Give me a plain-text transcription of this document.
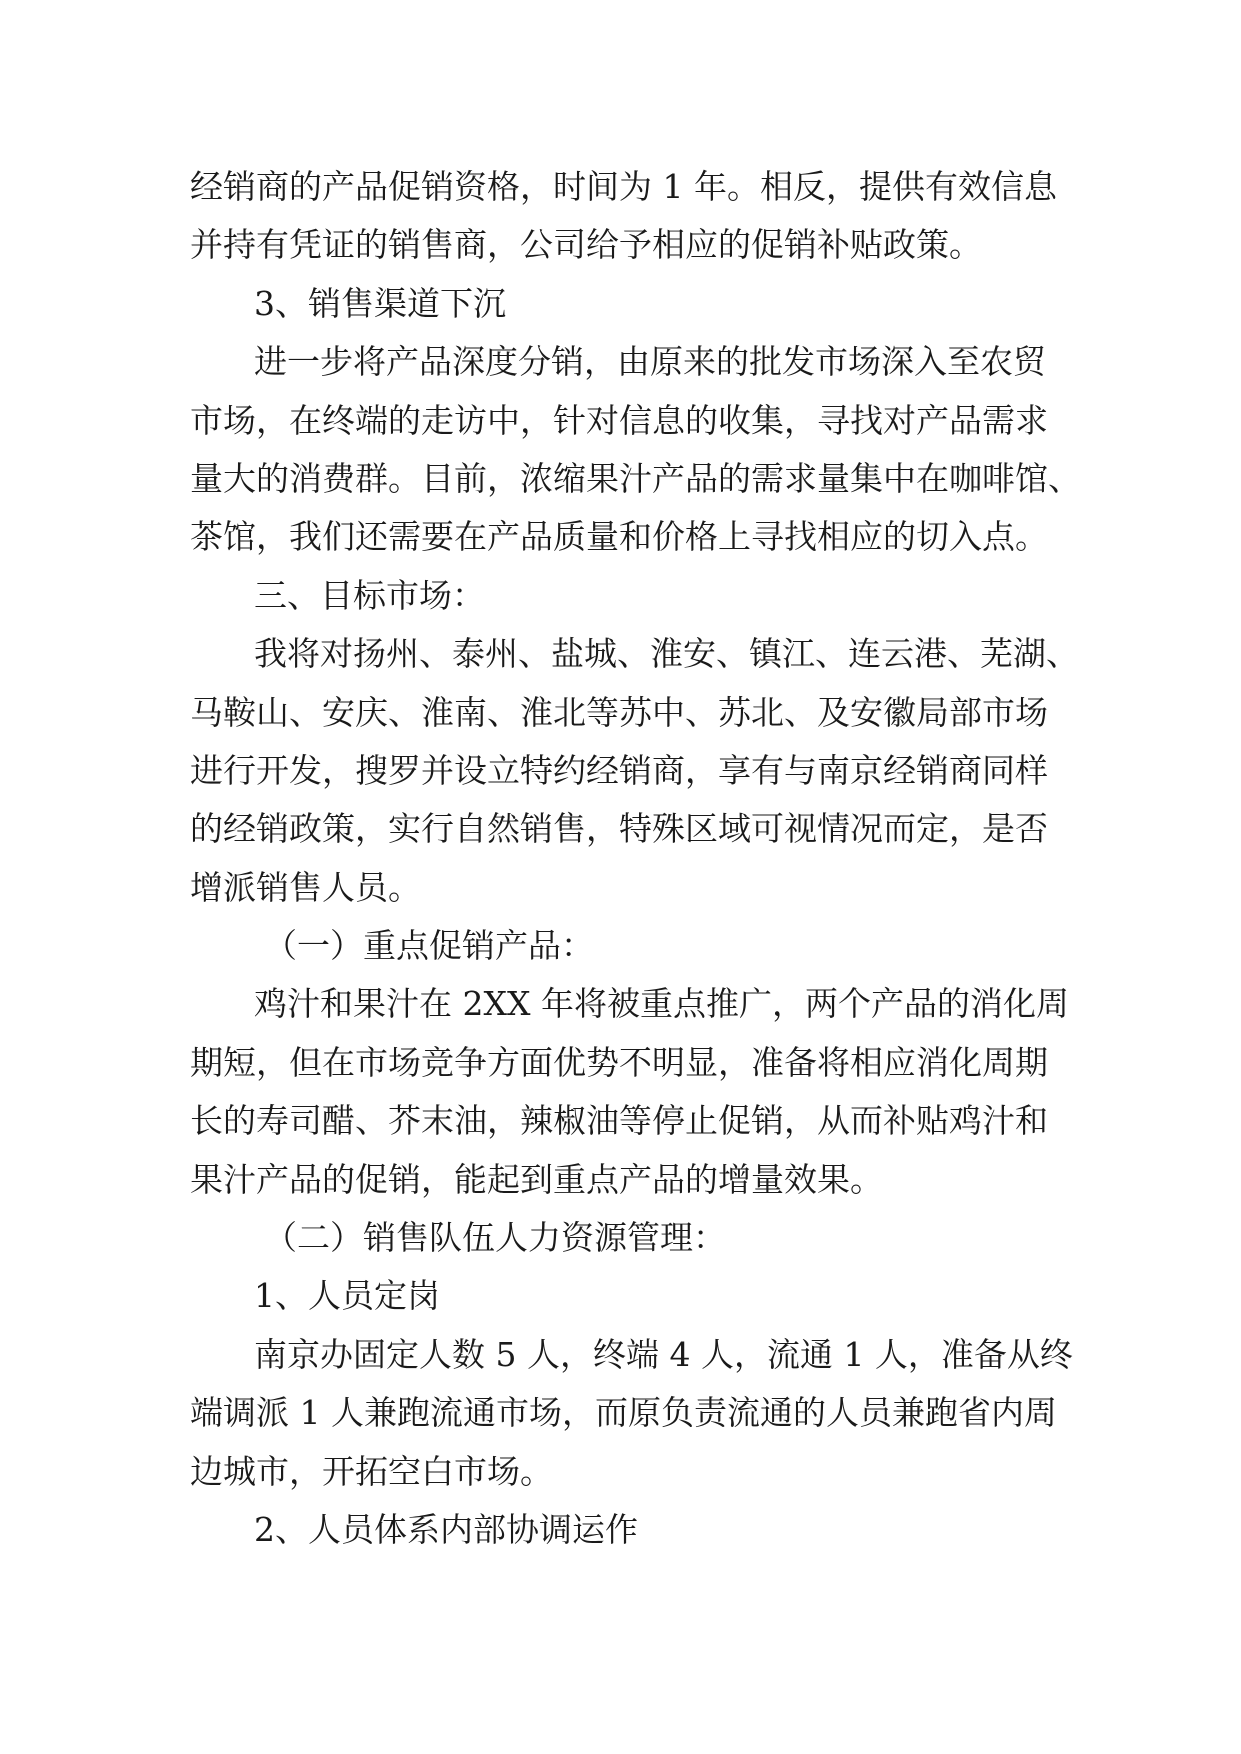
经销商的产品促销资格，时间为 1 年。相反，提供有效信息
并持有凭证的销售商，公司给予相应的促销补贴政策。
3、销售渠道下沉
进一步将产品深度分销，由原来的批发市场深入至农贸
市场，在终端的走访中，针对信息的收集，寻找对产品需求
量大的消费群。目前，浓缩果汁产品的需求量集中在咖啡馆、
茶馆，我们还需要在产品质量和价格上寻找相应的切入点。
三、目标市场：
我将对扬州、泰州、盐城、淮安、镇江、连云港、芜湖、
马鞍山、安庆、淮南、淮北等苏中、苏北、及安徽局部市场
进行开发，搜罗并设立特约经销商，享有与南京经销商同样
的经销政策，实行自然销售，特殊区域可视情况而定，是否
增派销售人员。
（一）重点促销产品：
鸡汁和果汁在 2XX 年将被重点推广，两个产品的消化周
期短，但在市场竞争方面优势不明显，准备将相应消化周期
长的寿司醋、芥末油，辣椒油等停止促销，从而补贴鸡汁和
果汁产品的促销，能起到重点产品的增量效果。
（二）销售队伍人力资源管理：
1、人员定岗
南京办固定人数 5 人，终端 4 人，流通 1 人，准备从终
端调派 1 人兼跑流通市场，而原负责流通的人员兼跑省内周
边城市，开拓空白市场。
2、人员体系内部协调运作
